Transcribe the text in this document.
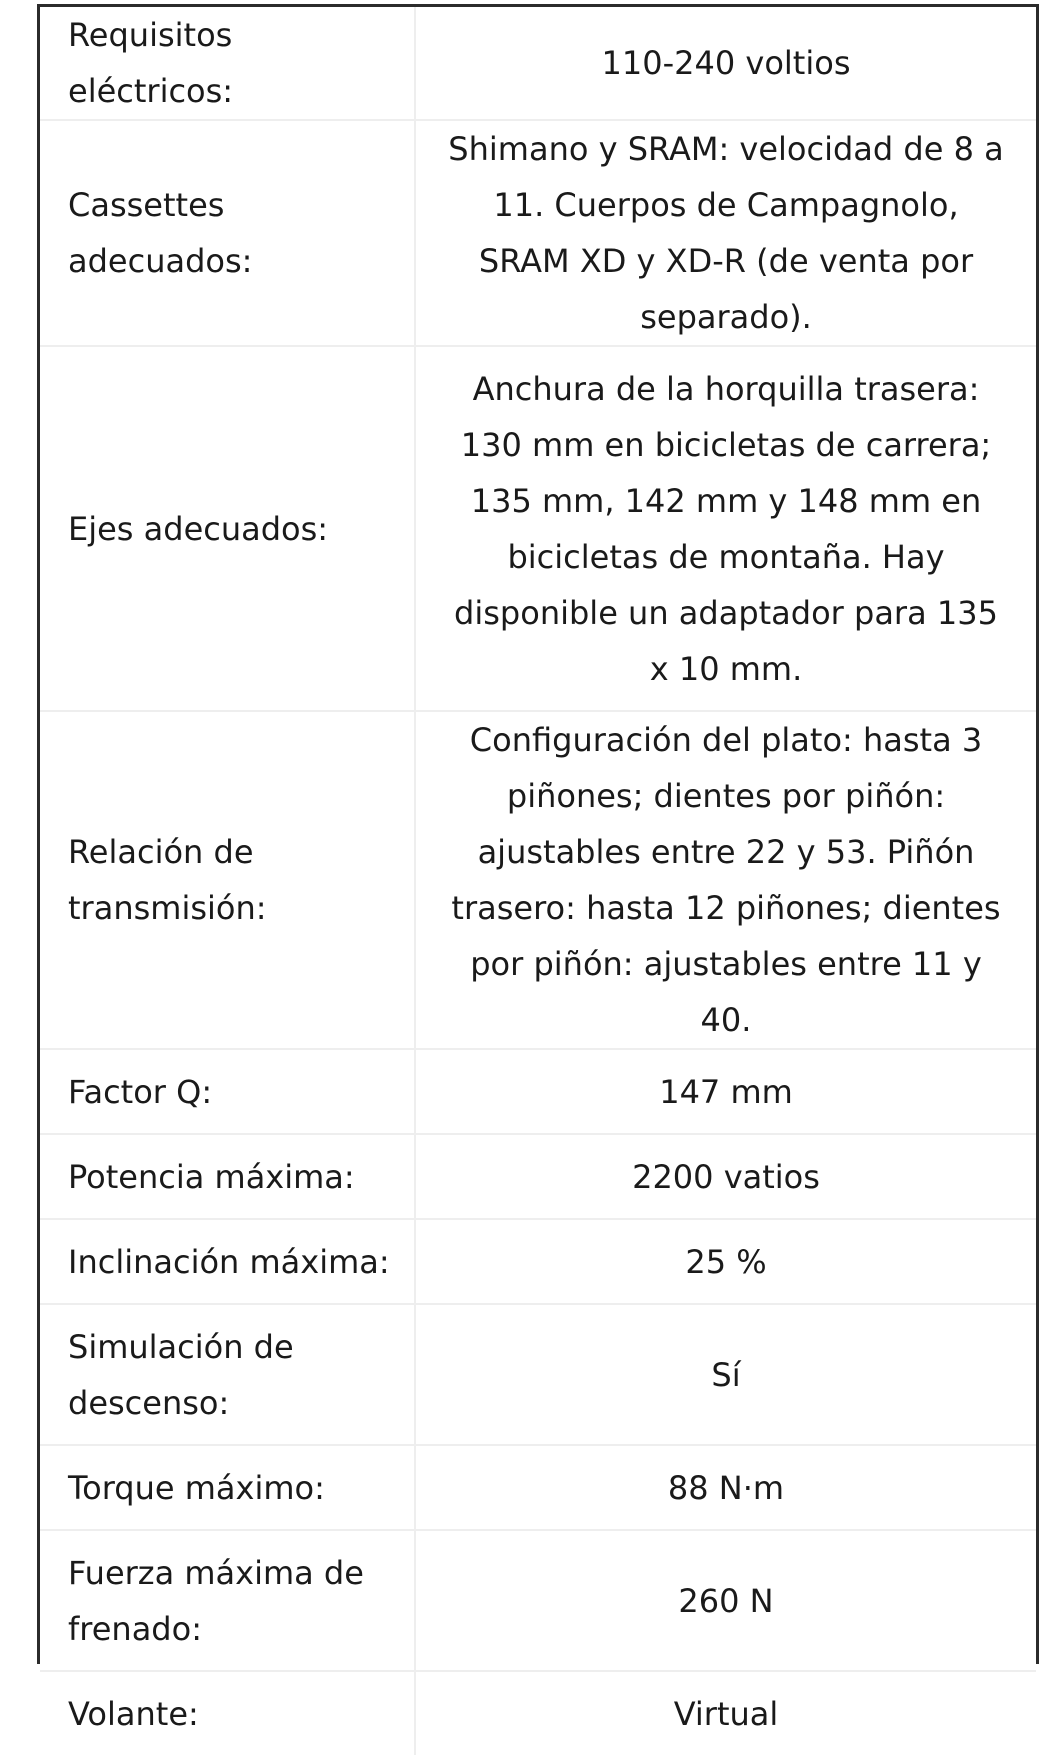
Requisitos eléctricos:	110-240 voltios
Cassettes adecuados:	Shimano y SRAM: velocidad de 8 a 11. Cuerpos de Campagnolo, SRAM XD y XD-R (de venta por separado).
Ejes adecuados:	Anchura de la horquilla trasera: 130 mm en bicicletas de carrera; 135 mm, 142 mm y 148 mm en bicicletas de montaña. Hay disponible un adaptador para 135 x 10 mm.
Relación de transmisión:	Configuración del plato: hasta 3 piñones; dientes por piñón: ajustables entre 22 y 53. Piñón trasero: hasta 12 piñones; dientes por piñón: ajustables entre 11 y 40.
Factor Q:	147 mm
Potencia máxima:	2200 vatios
Inclinación máxima:	25 %
Simulación de descenso:	Sí
Torque máximo:	88 N·m
Fuerza máxima de frenado:	260 N
Volante:	Virtual
